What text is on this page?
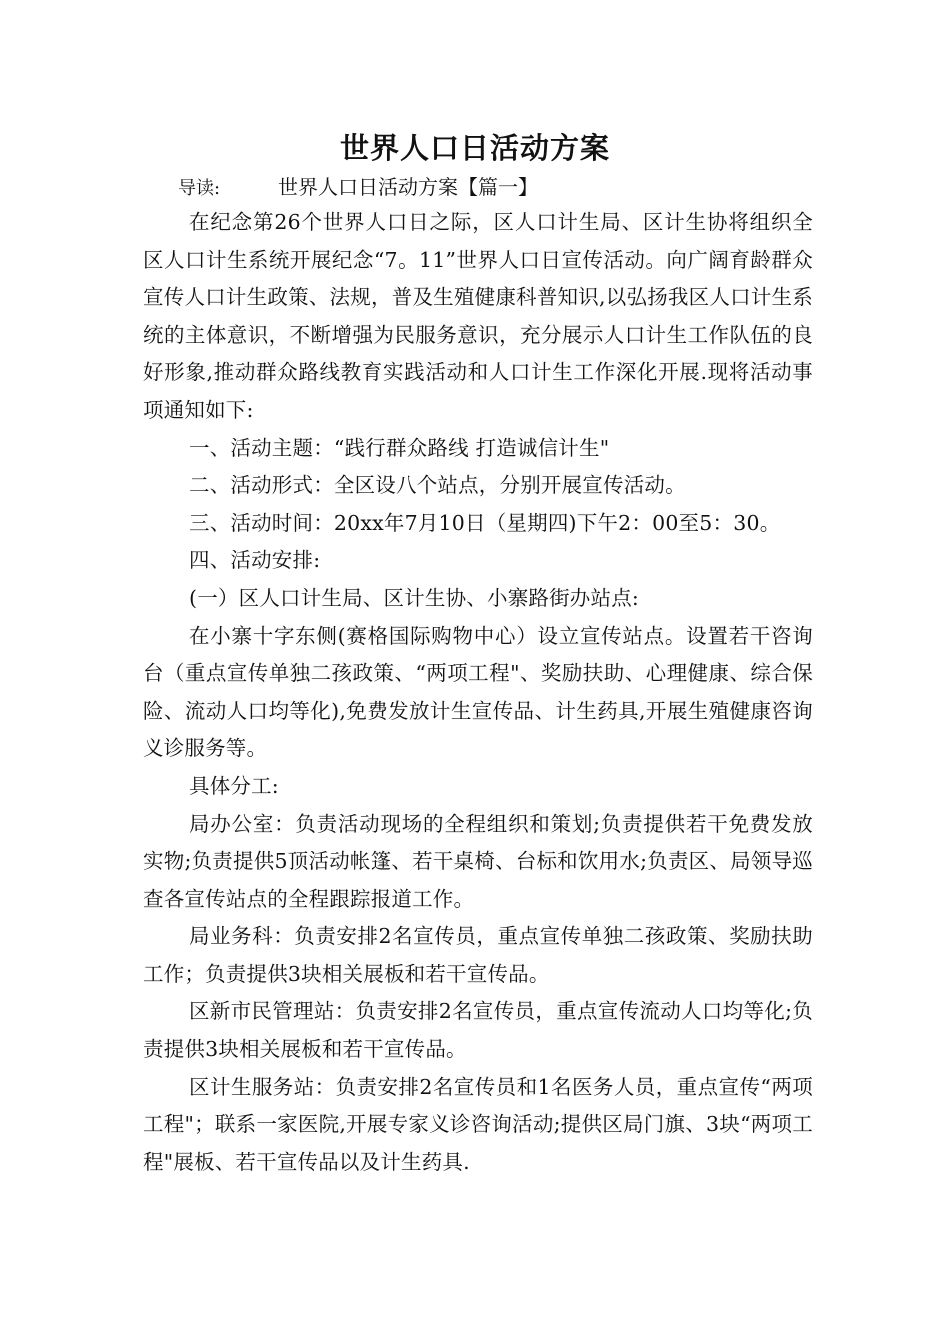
世界人口日活动方案
导读:	世界人口日活动方案【篇一】

在纪念第26个世界人口日之际，区人口计生局、区计生协将组织全区人口计生系统开展纪念“7。11”世界人口日宣传活动。向广阔育龄群众宣传人口计生政策、法规，普及生殖健康科普知识,以弘扬我区人口计生系统的主体意识，不断增强为民服务意识，充分展示人口计生工作队伍的良好形象,推动群众路线教育实践活动和人口计生工作深化开展.现将活动事项通知如下:

一、活动主题：“践行群众路线 打造诚信计生"

二、活动形式：全区设八个站点，分别开展宣传活动。

三、活动时间：20xx年7月10日（星期四)下午2：00至5：30。

四、活动安排:

(一）区人口计生局、区计生协、小寨路街办站点:

在小寨十字东侧(赛格国际购物中心）设立宣传站点。设置若干咨询台（重点宣传单独二孩政策、“两项工程"、奖励扶助、心理健康、综合保险、流动人口均等化),免费发放计生宣传品、计生药具,开展生殖健康咨询义诊服务等。

具体分工:

局办公室：负责活动现场的全程组织和策划;负责提供若干免费发放实物;负责提供5顶活动帐篷、若干桌椅、台标和饮用水;负责区、局领导巡查各宣传站点的全程跟踪报道工作。

局业务科：负责安排2名宣传员，重点宣传单独二孩政策、奖励扶助工作；负责提供3块相关展板和若干宣传品。

区新市民管理站：负责安排2名宣传员，重点宣传流动人口均等化;负责提供3块相关展板和若干宣传品。

区计生服务站：负责安排2名宣传员和1名医务人员，重点宣传“两项工程"；联系一家医院,开展专家义诊咨询活动;提供区局门旗、3块“两项工程"展板、若干宣传品以及计生药具.
